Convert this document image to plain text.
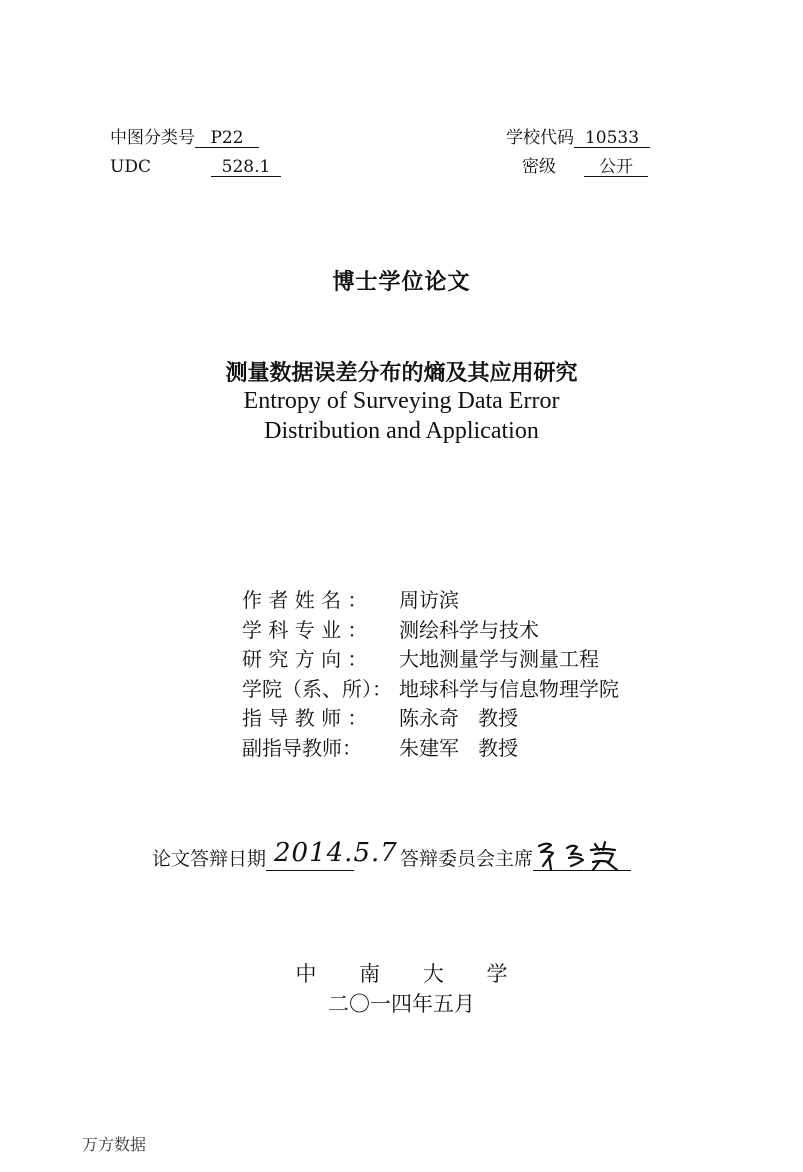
中图分类号 P22
UDC	528.1
学校代码 10533
密级	公开
博士学位论文
测量数据误差分布的熵及其应用研究
Entropy of Surveying Data Error
Distribution and Application
作 者 姓 名 ：	周访滨
学 科 专 业 ：	测绘科学与技术
研 究 方 向 ：	大地测量学与测量工程
学院（系、所）： 地球科学与信息物理学院
指 导 教 师 ：	陈永奇   教授
副指导教师：	朱建军   教授
论文答辩日期 2014.5.7 答辩委员会主席
中 南 大 学
二〇一四年五月
万方数据
